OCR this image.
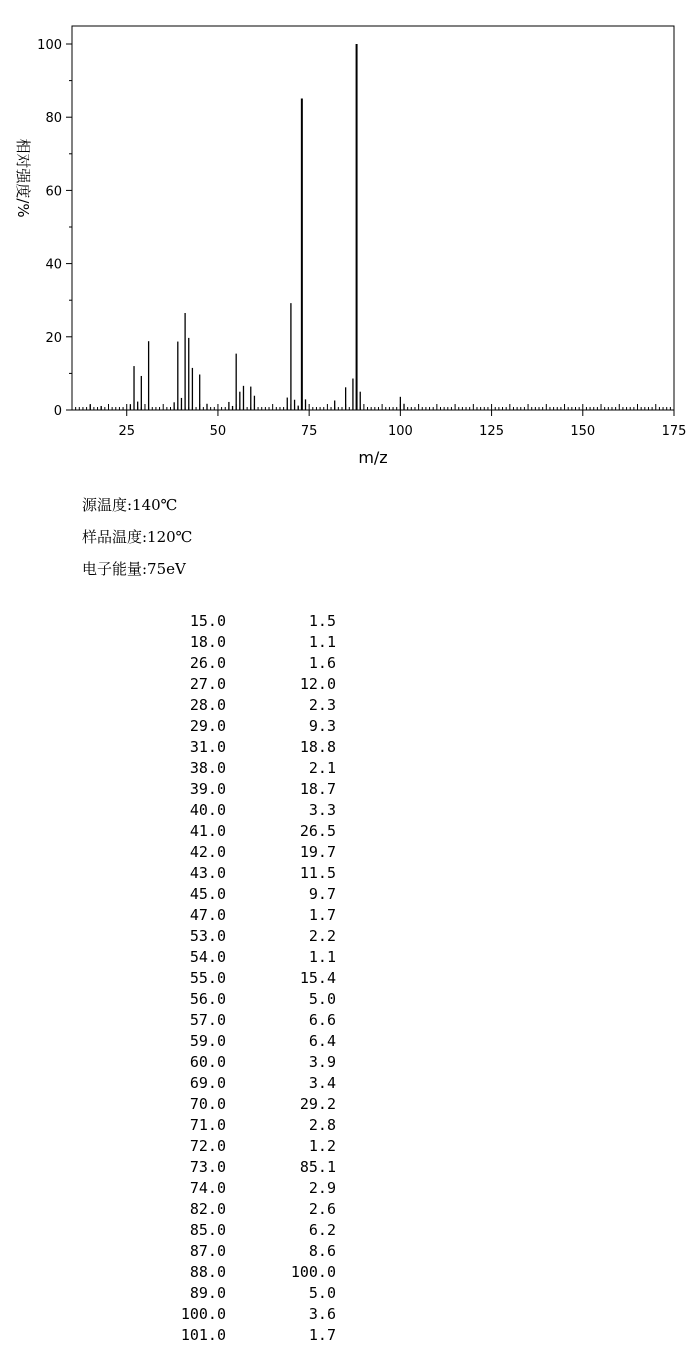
25	50	75	100	125	150	175
0
20
40
60
80
100
m/z
相对强度/%
源温度:140℃
样品温度:120℃
电子能量:75eV
15.0	1.5
18.0	1.1
26.0	1.6
27.0	12.0
28.0	2.3
29.0	9.3
31.0	18.8
38.0	2.1
39.0	18.7
40.0	3.3
41.0	26.5
42.0	19.7
43.0	11.5
45.0	9.7
47.0	1.7
53.0	2.2
54.0	1.1
55.0	15.4
56.0	5.0
57.0	6.6
59.0	6.4
60.0	3.9
69.0	3.4
70.0	29.2
71.0	2.8
72.0	1.2
73.0	85.1
74.0	2.9
82.0	2.6
85.0	6.2
87.0	8.6
88.0	100.0
89.0	5.0
100.0	3.6
101.0	1.7
